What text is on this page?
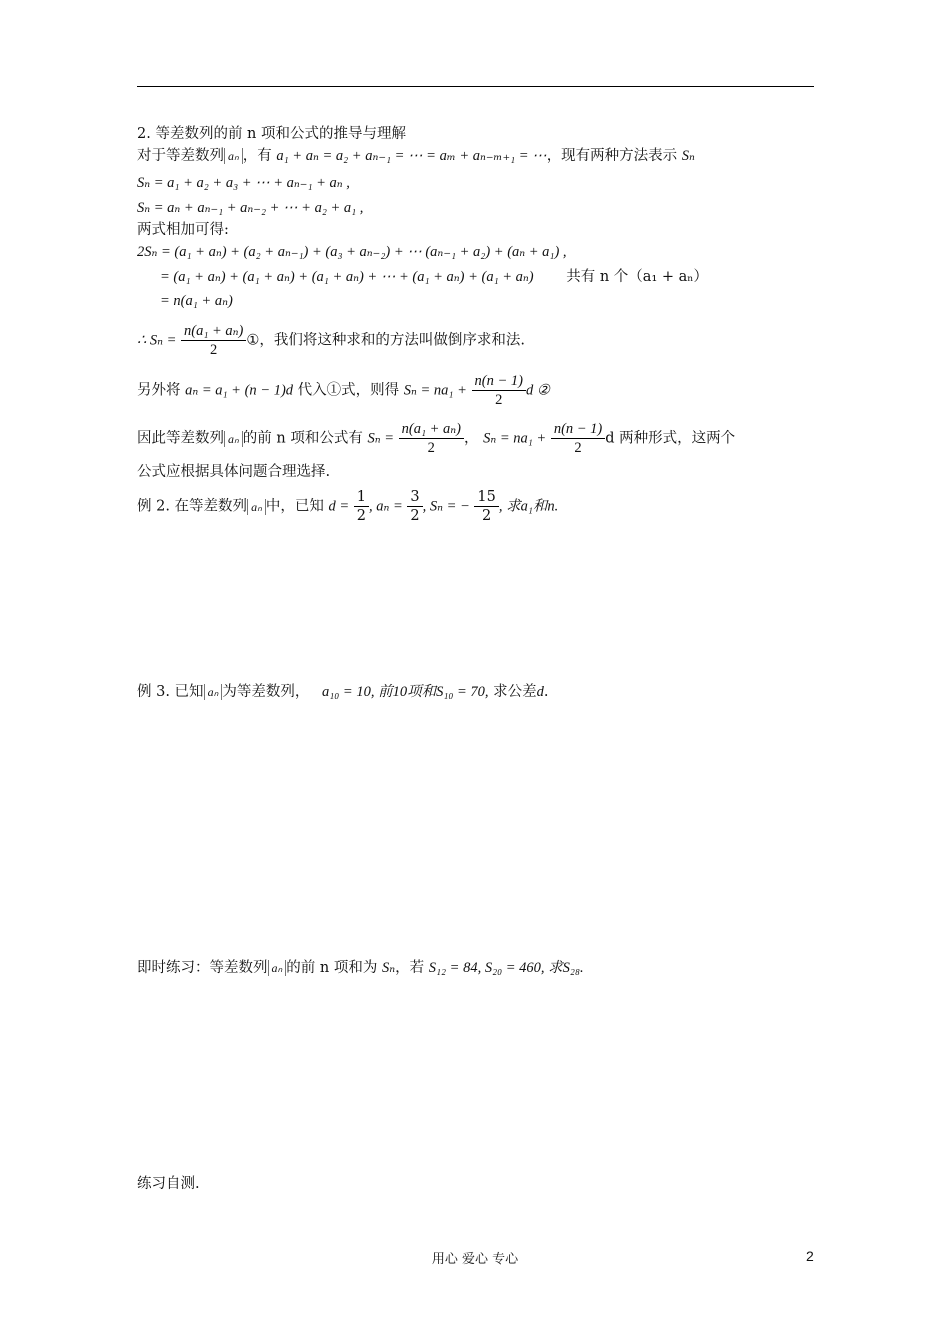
2. 等差数列的前 n 项和公式的推导与理解
对于等差数列 aₙ ，有 a₁ + aₙ = a₂ + aₙ₋₁ = ⋯ = aₘ + aₙ₋ₘ₊₁ = ⋯，现有两种方法表示 Sₙ
Sₙ = a₁ + a₂ + a₃ + ⋯ + aₙ₋₁ + aₙ ,
Sₙ = aₙ + aₙ₋₁ + aₙ₋₂ + ⋯ + a₂ + a₁ ,
两式相加可得:
2Sₙ = (a₁ + aₙ) + (a₂ + aₙ₋₁) + (a₃ + aₙ₋₂) + ⋯ (aₙ₋₁ + a₂) + (aₙ + a₁) ,
= (a₁ + aₙ) + (a₁ + aₙ) + (a₁ + aₙ) + ⋯ + (a₁ + aₙ) + (a₁ + aₙ) 共有 n 个（a₁ + aₙ）
= n(a₁ + aₙ)
∴ $S_n = \frac{\text{n(a₁ + aₙ)}}{2}$ ①，我们将这种求和的方法叫做倒序求和法.
另外将 aₙ = a₁ + (n − 1)d 代入①式，则得 $S_n = na_1 + \frac{n(n - 1)}{2}$ d ②
因此等差数列 aₙ 的前 n 项和公式有 $S_n = \frac{\text{n(a₁ + aₙ)}}{2}$ ， $S_n = na_1 + \frac{n(n - 1)}{2}$ d 两种形式，这两个
公式应根据具体问题合理选择.
例 2. 在等差数列 aₙ 中，已知 $d = \frac{1}{2}$ , $a_n = \frac{3}{2}$ , Sₙ = − $\frac{15}{2}$ , 求a₁和n.
例 3. 已知 aₙ 为等差数列， a₁₀ = 10, 前10项和S₁₀ = 70, 求公差d.
即时练习：等差数列 aₙ 的前 n 项和为 Sₙ，若 S₁₂ = 84, S₂₀ = 460, 求S₂₈.
练习自测.
用心 爱心 专心	2
